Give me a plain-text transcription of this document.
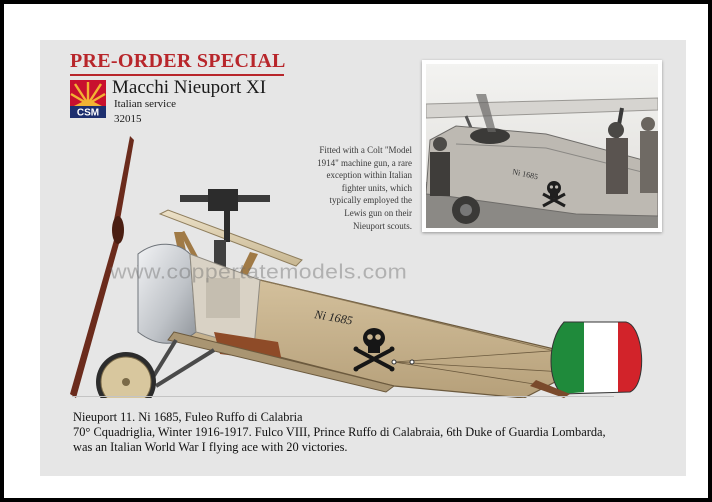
PRE-ORDER SPECIAL
CSM
Macchi Nieuport XI
Italian service
32015
Ni 1685
Fitted with a Colt "Model
1914" machine gun, a rare
exception within Italian
fighter units, which
typically employed the
Lewis gun on their
Nieuport scouts.
Ni 1685
www.coppertatemodels.com
Nieuport 11. Ni 1685, Fuleo Ruffo di Calabria
70° Cquadriglia, Winter 1916-1917. Fulco VIII, Prince Ruffo di Calabraia, 6th Duke of Guardia Lombarda,
was an Italian World War I flying ace with 20 victories.
